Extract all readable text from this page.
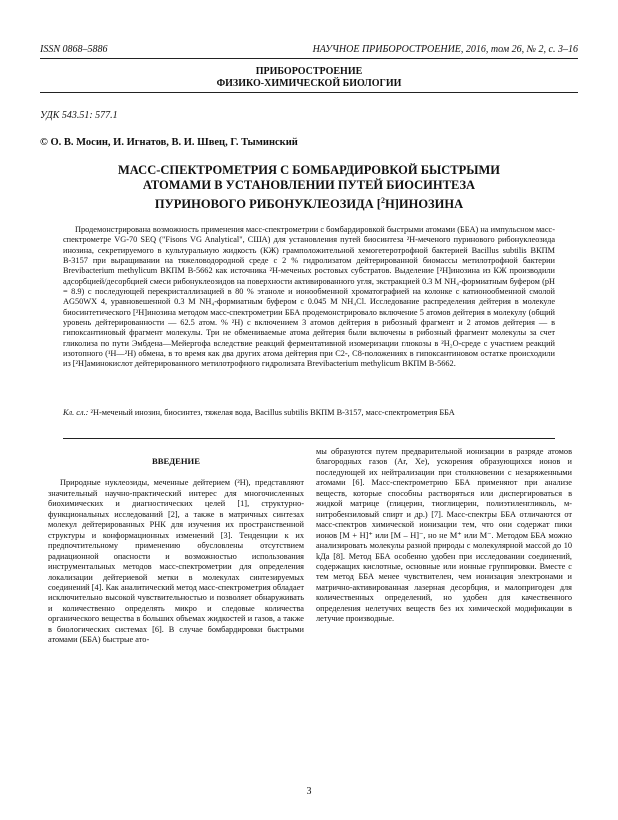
ISSN 0868–5886	НАУЧНОЕ ПРИБОРОСТРОЕНИЕ, 2016, том 26, № 2, c. 3–16
ПРИБОРОСТРОЕНИЕ
ФИЗИКО-ХИМИЧЕСКОЙ БИОЛОГИИ
УДК 543.51: 577.1
© О. В. Мосин, И. Игнатов, В. И. Швец, Г. Тыминский
МАСС-СПЕКТРОМЕТРИЯ С БОМБАРДИРОВКОЙ БЫСТРЫМИ
АТОМАМИ В УСТАНОВЛЕНИИ ПУТЕЙ БИОСИНТЕЗА
ПУРИНОВОГО РИБОНУКЛЕОЗИДА [$^2$H]ИНОЗИНА
Продемонстрирована возможность применения масс-спектрометрии с бомбардировкой быстрыми атомами (ББА) на импульсном масс-спектрометре VG-70 SEQ ("Fisons VG Analytical", США) для установления путей биосинтеза ²H-меченого пуринового рибонуклеозида инозина, секретируемого в культуральную жидкость (КЖ) грамположительной хемогетеротрофной бактерией Bacillus subtilis ВКПМ В-3157 при выращивании на тяжеловодородной среде с 2 % гидролизатом дейтерированной биомассы метилотрофной бактерии Brevibacterium methylicum ВКПМ В-5662 как источника ²H-меченых ростовых субстратов. Выделение [²H]инозина из КЖ производили адсорбцией/десорбцией смеси рибонуклеозидов на поверхности активированного угля, экстракцией 0.3 M NH₄-формиатным буфером (pH = 8.9) с последующей перекристаллизацией в 80 % этаноле и ионообменной хроматографией на колонке с катионообменной смолой AG50WX 4, уравновешенной 0.3 M NH₄-формиатным буфером с 0.045 M NH₄Cl. Исследование распределения дейтерия в молекуле биосинтетического [²H]инозина методом масс-спектрометрии ББА продемонстрировало включение 5 атомов дейтерия в молекулу (общий уровень дейтерированности — 62.5 атом. % ²H) с включением 3 атомов дейтерия в рибозный фрагмент и 2 атомов дейтерия — в гипоксантиновый фрагмент молекулы. Три не обмениваемые атома дейтерия были включены в рибозный фрагмент молекулы за счет гликолиза по пути Эмбдена—Мейергофа вследствие реакций ферментативной изомеризации глюкозы в ²H₂O-среде с участием реакций изотопного (¹H—²H) обмена, в то время как два других атома дейтерия при C2-, C8-положениях в гипоксантиновом остатке происходили из [²H]аминокислот дейтерированного метилотрофного гидролизата Brevibacterium methylicum ВКПМ В-5662.
Кл. сл.: ²H-меченый инозин, биосинтез, тяжелая вода, Bacillus subtilis ВКПМ В-3157, масс-спектрометрия ББА
ВВЕДЕНИЕ

Природные нуклеозиды, меченные дейтерием (²H), представляют значительный научно-практический интерес для многочисленных биохимических и диагностических целей [1], структурно-функциональных исследований [2], а также в матричных синтезах молекул дейтерированных РНК для изучения их пространственной структуры и конформационных изменений [3]. Тенденции к их предпочтительному применению обусловлены отсутствием радиационной опасности и возможностью использования инструментальных методов масс-спектрометрии для определения локализации дейтериевой метки в молекулах синтезируемых соединений [4]. Как аналитический метод масс-спектрометрия обладает исключительно высокой чувствительностью и позволяет обнаруживать и количественно определять микро и следовые количества органического вещества в больших объемах жидкостей и газов, а также в биологических системах [6]. В случае бомбардировки быстрыми атомами (ББА) быстрые ато-

мы образуются путем предварительной ионизации в разряде атомов благородных газов (Ar, Xe), ускорения образующихся ионов и последующей их нейтрализации при столкновении с незаряженными атомами [6]. Масс-спектрометрию ББА применяют при анализе веществ, которые способны растворяться или диспергироваться в жидкой матрице (глицерин, тиоглицерин, полиэтиленгликоль, м-нитробензиловый спирт и др.) [7]. Масс-спектры ББА отличаются от масс-спектров химической ионизации тем, что они содержат пики ионов [M + H]⁺ или [M – H]⁻, но не M⁺ или M⁻. Методом ББА можно анализировать молекулы разной природы с молекулярной массой до 10 kДа [8]. Метод ББА особенно удобен при исследовании соединений, содержащих кислотные, основные или ионные группировки. Вместе с тем метод ББА менее чувствителен, чем ионизация электронами и матрично-активированная лазерная десорбция, и малопригоден для количественных определений, но удобен для качественного определения нелетучих веществ без их химической модификации в летучие производные.

3
